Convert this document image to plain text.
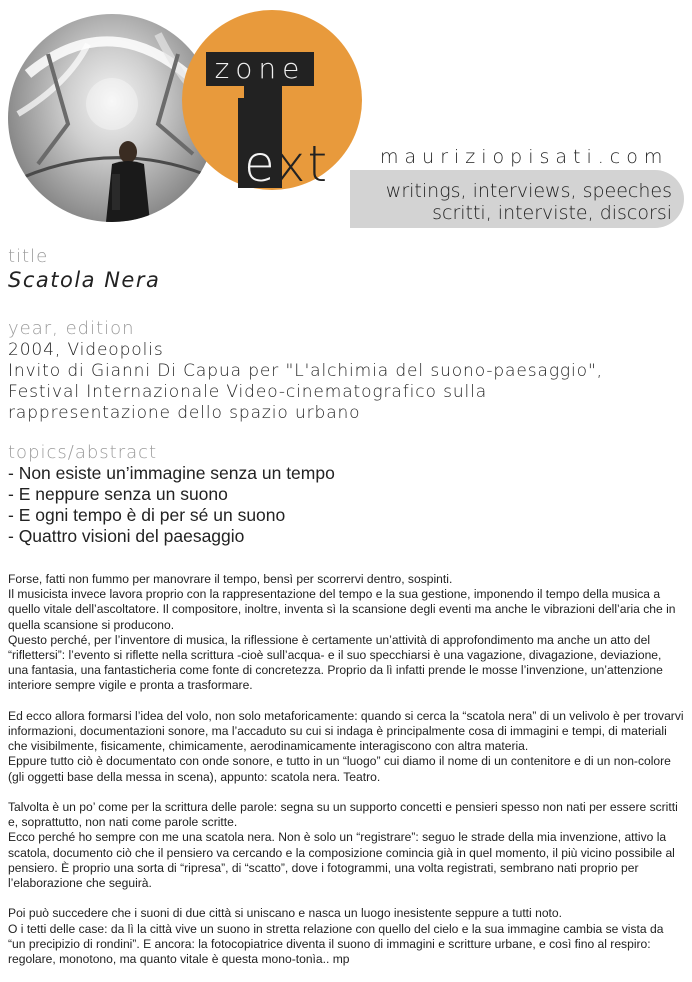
zone
ext	mauriziopisati.com
writings, interviews, speeches
scritti, interviste, discorsi
title
Scatola Nera
year, edition
2004, Videopolis
Invito di Gianni Di Capua per "L'alchimia del suono-paesaggio",
Festival Internazionale Video-cinematografico sulla
rappresentazione dello spazio urbano
topics/abstract
- Non esiste un’immagine senza un tempo
- E neppure senza un suono
- E ogni tempo è di per sé un suono
- Quattro visioni del paesaggio

Forse, fatti non fummo per manovrare il tempo, bensì per scorrervi dentro, sospinti.
Il musicista invece lavora proprio con la rappresentazione del tempo e la sua gestione, imponendo il tempo della musica a quello vitale dell’ascoltatore. Il compositore, inoltre, inventa sì la scansione degli eventi ma anche le vibrazioni dell’aria che in quella scansione si producono.
Questo perché, per l’inventore di musica, la riflessione è certamente un’attività di approfondimento ma anche un atto del “riflettersi”: l’evento si riflette nella scrittura -cioè sull’acqua- e il suo specchiarsi è una vagazione, divagazione, deviazione, una fantasia, una fantasticheria come fonte di concretezza. Proprio da lì infatti prende le mosse l’invenzione, un’attenzione interiore sempre vigile e pronta a trasformare.

Ed ecco allora formarsi l’idea del volo, non solo metaforicamente: quando si cerca la “scatola nera” di un velivolo è per trovarvi informazioni, documentazioni sonore, ma l’accaduto su cui si indaga è principalmente cosa di immagini e tempi, di materiali che visibilmente, fisicamente, chimicamente, aerodinamicamente interagiscono con altra materia.
Eppure tutto ciò è documentato con onde sonore, e tutto in un “luogo” cui diamo il nome di un contenitore e di un non-colore (gli oggetti base della messa in scena), appunto: scatola nera. Teatro.

Talvolta è un po’ come per la scrittura delle parole: segna su un supporto concetti e pensieri spesso non nati per essere scritti e, soprattutto, non nati come parole scritte.
Ecco perché ho sempre con me una scatola nera. Non è solo un “registrare”: seguo le strade della mia invenzione, attivo la scatola, documento ciò che il pensiero va cercando e la composizione comincia già in quel momento, il più vicino possibile al pensiero. È proprio una sorta di “ripresa”, di “scatto”, dove i fotogrammi, una volta registrati, sembrano nati proprio per l’elaborazione che seguirà.

Poi può succedere che i suoni di due città si uniscano e nasca un luogo inesistente seppure a tutti noto.
O i tetti delle case: da lì la città vive un suono in stretta relazione con quello del cielo e la sua immagine cambia se vista da “un precipizio di rondini”. E ancora: la fotocopiatrice diventa il suono di immagini e scritture urbane, e così fino al respiro: regolare, monotono, ma quanto vitale è questa mono-tonìa.. mp
